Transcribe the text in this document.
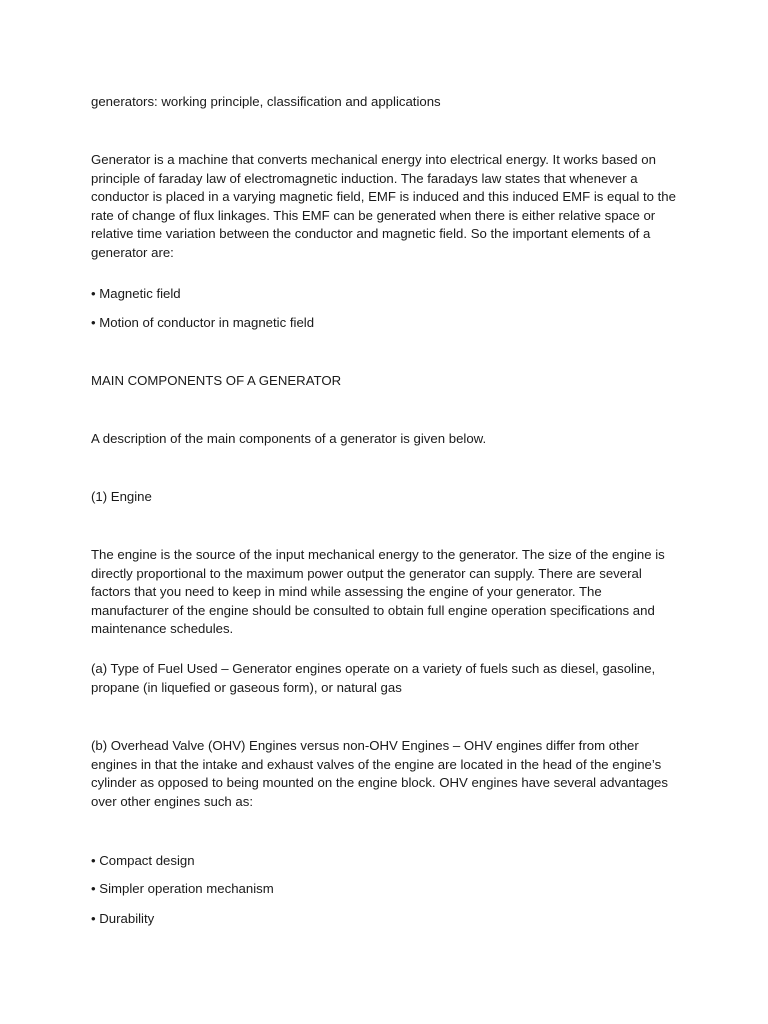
generators: working principle, classification and applications

Generator is a machine that converts mechanical energy into electrical energy. It works based on principle of faraday law of electromagnetic induction. The faradays law states that whenever a conductor is placed in a varying magnetic field, EMF is induced and this induced EMF is equal to the rate of change of flux linkages. This EMF can be generated when there is either relative space or relative time variation between the conductor and magnetic field. So the important elements of a generator are:

• Magnetic field

• Motion of conductor in magnetic field

MAIN COMPONENTS OF A GENERATOR

A description of the main components of a generator is given below.

(1) Engine

The engine is the source of the input mechanical energy to the generator. The size of the engine is directly proportional to the maximum power output the generator can supply. There are several factors that you need to keep in mind while assessing the engine of your generator. The manufacturer of the engine should be consulted to obtain full engine operation specifications and maintenance schedules.

(a) Type of Fuel Used – Generator engines operate on a variety of fuels such as diesel, gasoline, propane (in liquefied or gaseous form), or natural gas

(b) Overhead Valve (OHV) Engines versus non-OHV Engines – OHV engines differ from other engines in that the intake and exhaust valves of the engine are located in the head of the engine’s cylinder as opposed to being mounted on the engine block. OHV engines have several advantages over other engines such as:

• Compact design

• Simpler operation mechanism

• Durability
